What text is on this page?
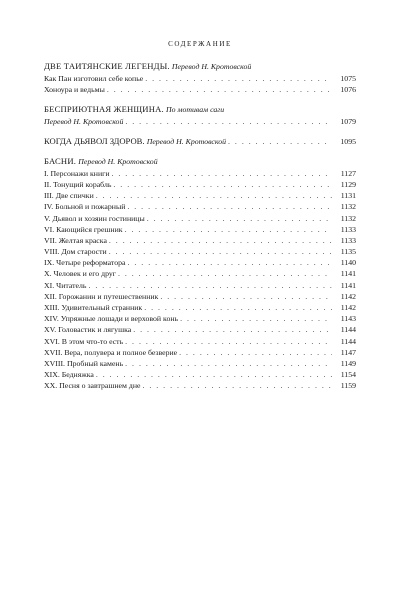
СОДЕРЖАНИЕ
ДВЕ ТАИТЯНСКИЕ ЛЕГЕНДЫ. Перевод Н. Кротовской
Как Пан изготовил себе копье . . .	1075
Хоноура и ведьмы . . .	1076
БЕСПРИЮТНАЯ ЖЕНЩИНА. По мотивам саги
Перевод Н. Кротовской . . .	1079
КОГДА ДЬЯВОЛ ЗДОРОВ. Перевод Н. Кротовской . . .	1095
БАСНИ. Перевод Н. Кротовской
I. Персонажи книги . . .	1127
II. Тонущий корабль . . .	1129
III. Две спички . . .	1131
IV. Больной и пожарный . . .	1132
V. Дьявол и хозяин гостиницы . . .	1132
VI. Кающийся грешник . . .	1133
VII. Желтая краска . . .	1133
VIII. Дом старости . . .	1135
IX. Четыре реформатора . . .	1140
X. Человек и его друг . . .	1141
XI. Читатель . . .	1141
XII. Горожанин и путешественник . . .	1142
XIII. Удивительный странник . . .	1142
XIV. Упряжные лошади и верховой конь . . .	1143
XV. Головастик и лягушка . . .	1144
XVI. В этом что-то есть . . .	1144
XVII. Вера, полувера и полное безверие . . .	1147
XVIII. Пробный камень . . .	1149
XIX. Бедняжка . . .	1154
XX. Песня о завтрашнем дне . . .	1159
